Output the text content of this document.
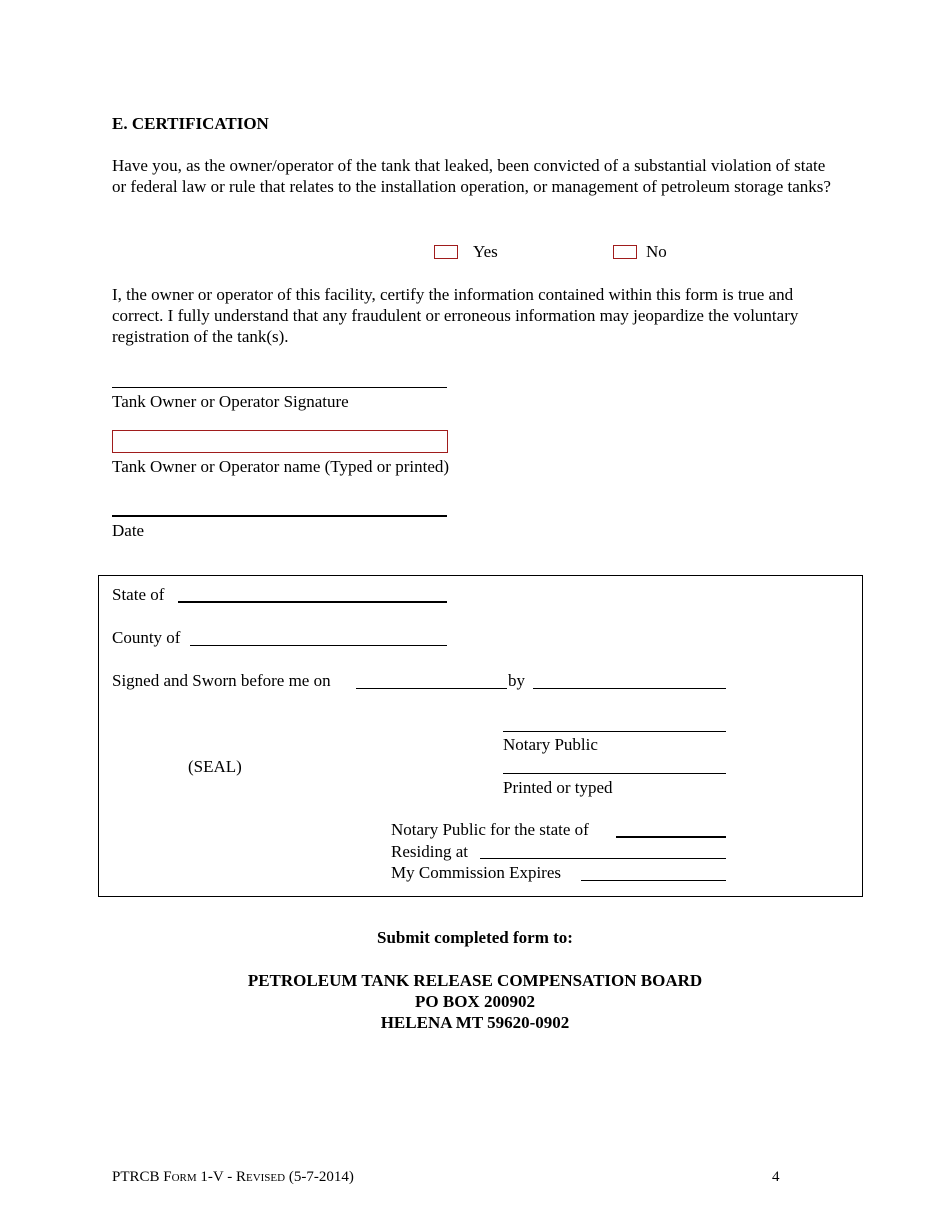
E. CERTIFICATION
Have you, as the owner/operator of the tank that leaked, been convicted of a substantial violation of state or federal law or rule that relates to the installation operation, or management of petroleum storage tanks?
Yes	No
I, the owner or operator of this facility, certify the information contained within this form is true and correct. I fully understand that any fraudulent or erroneous information may jeopardize the voluntary registration of the tank(s).
Tank Owner or Operator Signature
Tank Owner or Operator name (Typed or printed)
Date
State of
County of
Signed and Sworn before me on	by
Notary Public
(SEAL)
Printed or typed
Notary Public for the state of
Residing at
My Commission Expires
Submit completed form to:
PETROLEUM TANK RELEASE COMPENSATION BOARD
PO BOX 200902
HELENA MT 59620-0902
PTRCB Form 1-V - Revised (5-7-2014)	4
